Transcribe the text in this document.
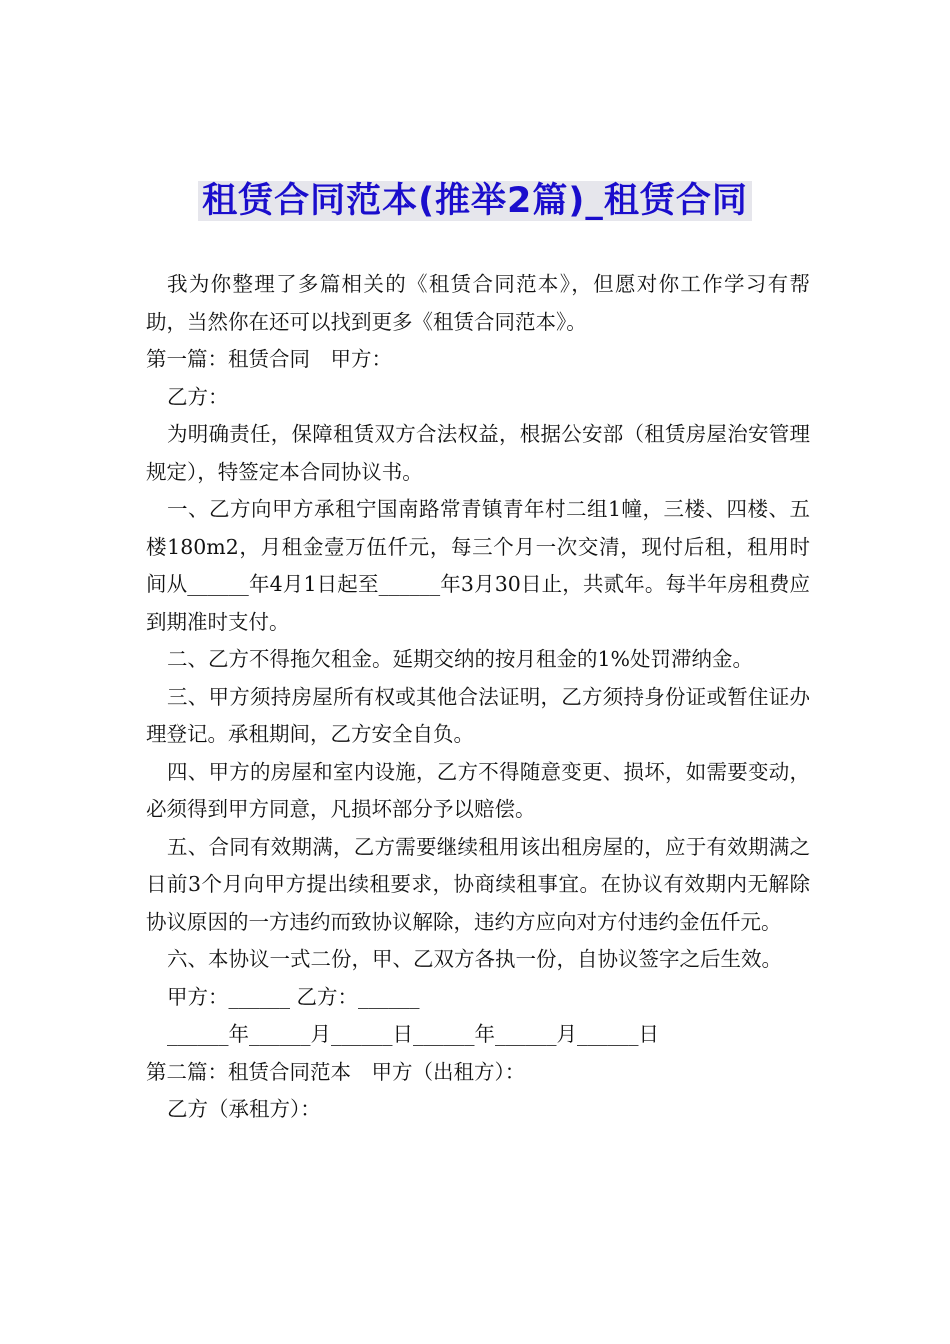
租赁合同范本(推举2篇)_租赁合同

我为你整理了多篇相关的《租赁合同范本》，但愿对你工作学习有帮助，当然你在还可以找到更多《租赁合同范本》。

第一篇：租赁合同　甲方：

乙方：

为明确责任，保障租赁双方合法权益，根据公安部（租赁房屋治安管理规定），特签定本合同协议书。

一、乙方向甲方承租宁国南路常青镇青年村二组1幢，三楼、四楼、五楼180m2，月租金壹万伍仟元，每三个月一次交清，现付后租，租用时间从______年4月1日起至______年3月30日止，共贰年。每半年房租费应到期准时支付。

二、乙方不得拖欠租金。延期交纳的按月租金的1%处罚滞纳金。

三、甲方须持房屋所有权或其他合法证明，乙方须持身份证或暂住证办理登记。承租期间，乙方安全自负。

四、甲方的房屋和室内设施，乙方不得随意变更、损坏，如需要变动，必须得到甲方同意，凡损坏部分予以赔偿。

五、合同有效期满，乙方需要继续租用该出租房屋的，应于有效期满之日前3个月向甲方提出续租要求，协商续租事宜。在协议有效期内无解除协议原因的一方违约而致协议解除，违约方应向对方付违约金伍仟元。

六、本协议一式二份，甲、乙双方各执一份，自协议签字之后生效。

甲方：______ 乙方：______

______年______月______日______年______月______日

第二篇：租赁合同范本　甲方（出租方）：

乙方（承租方）：
